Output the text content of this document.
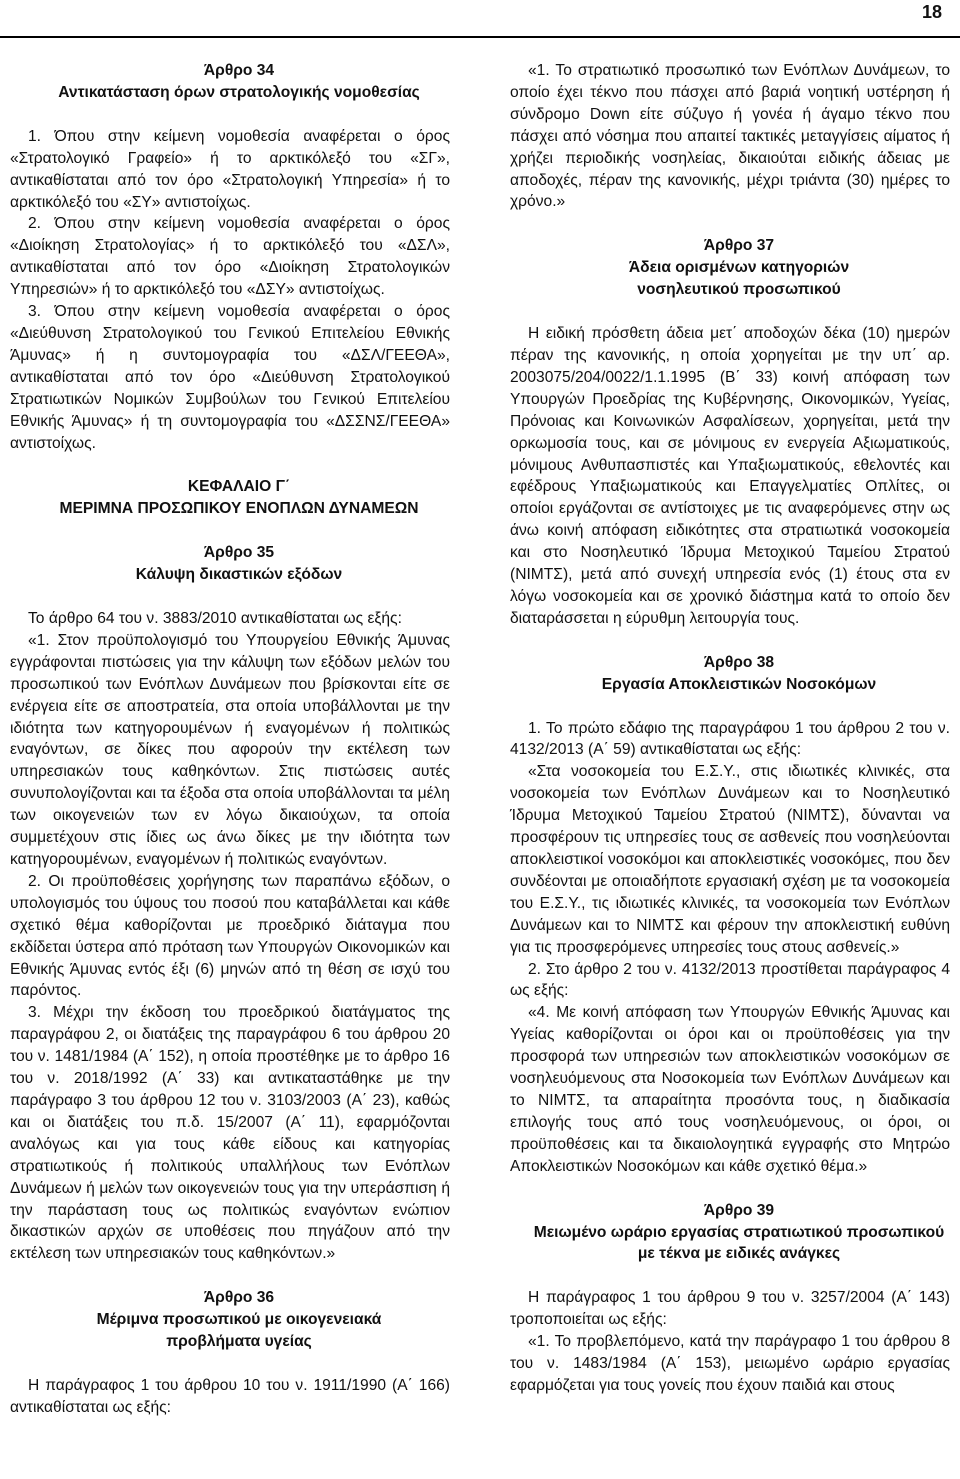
18

Άρθρο 34

Αντικατάσταση όρων στρατολογικής νομοθεσίας

1. Όπου στην κείμενη νομοθεσία αναφέρεται ο όρος «Στρατολογικό Γραφείο» ή το αρκτικόλεξό του «ΣΓ», αντικαθίσταται από τον όρο «Στρατολογική Υπηρεσία» ή το αρκτικόλεξό του «ΣΥ» αντιστοίχως.

2. Όπου στην κείμενη νομοθεσία αναφέρεται ο όρος «Διοίκηση Στρατολογίας» ή το αρκτικόλεξό του «ΔΣΛ», αντικαθίσταται από τον όρο «Διοίκηση Στρατολογικών Υπηρεσιών» ή το αρκτικόλεξό του «ΔΣΥ» αντιστοίχως.

3. Όπου στην κείμενη νομοθεσία αναφέρεται ο όρος «Διεύθυνση Στρατολογικού του Γενικού Επιτελείου Εθνικής Άμυνας» ή η συντομογραφία του «ΔΣΛ/ΓΕΕΘΑ», αντικαθίσταται από τον όρο «Διεύθυνση Στρατολογικού Στρατιωτικών Νομικών Συμβούλων του Γενικού Επιτελείου Εθνικής Άμυνας» ή τη συντομογραφία του «ΔΣΣΝΣ/ΓΕΕΘΑ» αντιστοίχως.

ΚΕΦΑΛΑΙΟ Γ΄

ΜΕΡΙΜΝΑ ΠΡΟΣΩΠΙΚΟΥ ΕΝΟΠΛΩΝ ΔΥΝΑΜΕΩΝ

Άρθρο 35

Κάλυψη δικαστικών εξόδων

Το άρθρο 64 του ν. 3883/2010 αντικαθίσταται ως εξής:

«1. Στον προϋπολογισμό του Υπουργείου Εθνικής Άμυνας εγγράφονται πιστώσεις για την κάλυψη των εξόδων μελών του προσωπικού των Ενόπλων Δυνάμεων που βρίσκονται είτε σε ενέργεια είτε σε αποστρατεία, στα οποία υποβάλλονται με την ιδιότητα των κατηγορουμένων ή εναγομένων ή πολιτικώς εναγόντων, σε δίκες που αφορούν την εκτέλεση των υπηρεσιακών τους καθηκόντων. Στις πιστώσεις αυτές συνυπολογίζονται και τα έξοδα στα οποία υποβάλλονται τα μέλη των οικογενειών των εν λόγω δικαιούχων, τα οποία συμμετέχουν στις ίδιες ως άνω δίκες με την ιδιότητα των κατηγορουμένων, εναγομένων ή πολιτικώς εναγόντων.

2. Οι προϋποθέσεις χορήγησης των παραπάνω εξόδων, ο υπολογισμός του ύψους του ποσού που καταβάλλεται και κάθε σχετικό θέμα καθορίζονται με προεδρικό διάταγμα που εκδίδεται ύστερα από πρόταση των Υπουργών Οικονομικών και Εθνικής Άμυνας εντός έξι (6) μηνών από τη θέση σε ισχύ του παρόντος.

3. Μέχρι την έκδοση του προεδρικού διατάγματος της παραγράφου 2, οι διατάξεις της παραγράφου 6 του άρθρου 20 του ν. 1481/1984 (Α΄ 152), η οποία προστέθηκε με το άρθρο 16 του ν. 2018/1992 (Α΄ 33) και αντικαταστάθηκε με την παράγραφο 3 του άρθρου 12 του ν. 3103/2003 (Α΄ 23), καθώς και οι διατάξεις του π.δ. 15/2007 (Α΄ 11), εφαρμόζονται αναλόγως και για τους κάθε είδους και κατηγορίας στρατιωτικούς ή πολιτικούς υπαλλήλους των Ενόπλων Δυνάμεων ή μελών των οικογενειών τους για την υπεράσπιση ή την παράσταση τους ως πολιτικώς εναγόντων ενώπιον δικαστικών αρχών σε υποθέσεις που πηγάζουν από την εκτέλεση των υπηρεσιακών τους καθηκόντων.»

Άρθρο 36

Μέριμνα προσωπικού με οικογενειακά

προβλήματα υγείας

Η παράγραφος 1 του άρθρου 10 του ν. 1911/1990 (Α΄ 166) αντικαθίσταται ως εξής:

«1. Το στρατιωτικό προσωπικό των Ενόπλων Δυνάμεων, το οποίο έχει τέκνο που πάσχει από βαριά νοητική υστέρηση ή σύνδρομο Down είτε σύζυγο ή γονέα ή άγαμο τέκνο που πάσχει από νόσημα που απαιτεί τακτικές μεταγγίσεις αίματος ή χρήζει περιοδικής νοσηλείας, δικαιούται ειδικής άδειας με αποδοχές, πέραν της κανονικής, μέχρι τριάντα (30) ημέρες το χρόνο.»

Άρθρο 37

Άδεια ορισμένων κατηγοριών

νοσηλευτικού προσωπικού

Η ειδική πρόσθετη άδεια μετ΄ αποδοχών δέκα (10) ημερών πέραν της κανονικής, η οποία χορηγείται με την υπ΄ αρ. 2003075/204/0022/1.1.1995 (Β΄ 33) κοινή απόφαση των Υπουργών Προεδρίας της Κυβέρνησης, Οικονομικών, Υγείας, Πρόνοιας και Κοινωνικών Ασφαλίσεων, χορηγείται, μετά την ορκωμοσία τους, και σε μόνιμους εν ενεργεία Αξιωματικούς, μόνιμους Ανθυπασπιστές και Υπαξιωματικούς, εθελοντές και εφέδρους Υπαξιωματικούς και Επαγγελματίες Οπλίτες, οι οποίοι εργάζονται σε αντίστοιχες με τις αναφερόμενες στην ως άνω κοινή απόφαση ειδικότητες στα στρατιωτικά νοσοκομεία και στο Νοσηλευτικό Ίδρυμα Μετοχικού Ταμείου Στρατού (ΝΙΜΤΣ), μετά από συνεχή υπηρεσία ενός (1) έτους στα εν λόγω νοσοκομεία και σε χρονικό διάστημα κατά το οποίο δεν διαταράσσεται η εύρυθμη λειτουργία τους.

Άρθρο 38

Εργασία Αποκλειστικών Νοσοκόμων

1. Το πρώτο εδάφιο της παραγράφου 1 του άρθρου 2 του ν. 4132/2013 (Α΄ 59) αντικαθίσταται ως εξής:

«Στα νοσοκομεία του Ε.Σ.Υ., στις ιδιωτικές κλινικές, στα νοσοκομεία των Ενόπλων Δυνάμεων και το Νοσηλευτικό Ίδρυμα Μετοχικού Ταμείου Στρατού (ΝΙΜΤΣ), δύνανται να προσφέρουν τις υπηρεσίες τους σε ασθενείς που νοσηλεύονται αποκλειστικοί νοσοκόμοι και αποκλειστικές νοσοκόμες, που δεν συνδέονται με οποιαδήποτε εργασιακή σχέση με τα νοσοκομεία του Ε.Σ.Υ., τις ιδιωτικές κλινικές, τα νοσοκομεία των Ενόπλων Δυνάμεων και το ΝΙΜΤΣ και φέρουν την αποκλειστική ευθύνη για τις προσφερόμενες υπηρεσίες τους στους ασθενείς.»

2. Στο άρθρο 2 του ν. 4132/2013 προστίθεται παράγραφος 4 ως εξής:

«4. Με κοινή απόφαση των Υπουργών Εθνικής Άμυνας και Υγείας καθορίζονται οι όροι και οι προϋποθέσεις για την προσφορά των υπηρεσιών των αποκλειστικών νοσοκόμων σε νοσηλευόμενους στα Νοσοκομεία των Ενόπλων Δυνάμεων και το ΝΙΜΤΣ, τα απαραίτητα προσόντα τους, η διαδικασία επιλογής τους από τους νοσηλευόμενους, οι όροι, οι προϋποθέσεις και τα δικαιολογητικά εγγραφής στο Μητρώο Αποκλειστικών Νοσοκόμων και κάθε σχετικό θέμα.»

Άρθρο 39

Μειωμένο ωράριο εργασίας στρατιωτικού προσωπικού

με τέκνα με ειδικές ανάγκες

Η παράγραφος 1 του άρθρου 9 του ν. 3257/2004 (Α΄ 143) τροποποιείται ως εξής:

«1. Το προβλεπόμενο, κατά την παράγραφο 1 του άρθρου 8 του ν. 1483/1984 (Α΄ 153), μειωμένο ωράριο εργασίας εφαρμόζεται για τους γονείς που έχουν παιδιά και στους
